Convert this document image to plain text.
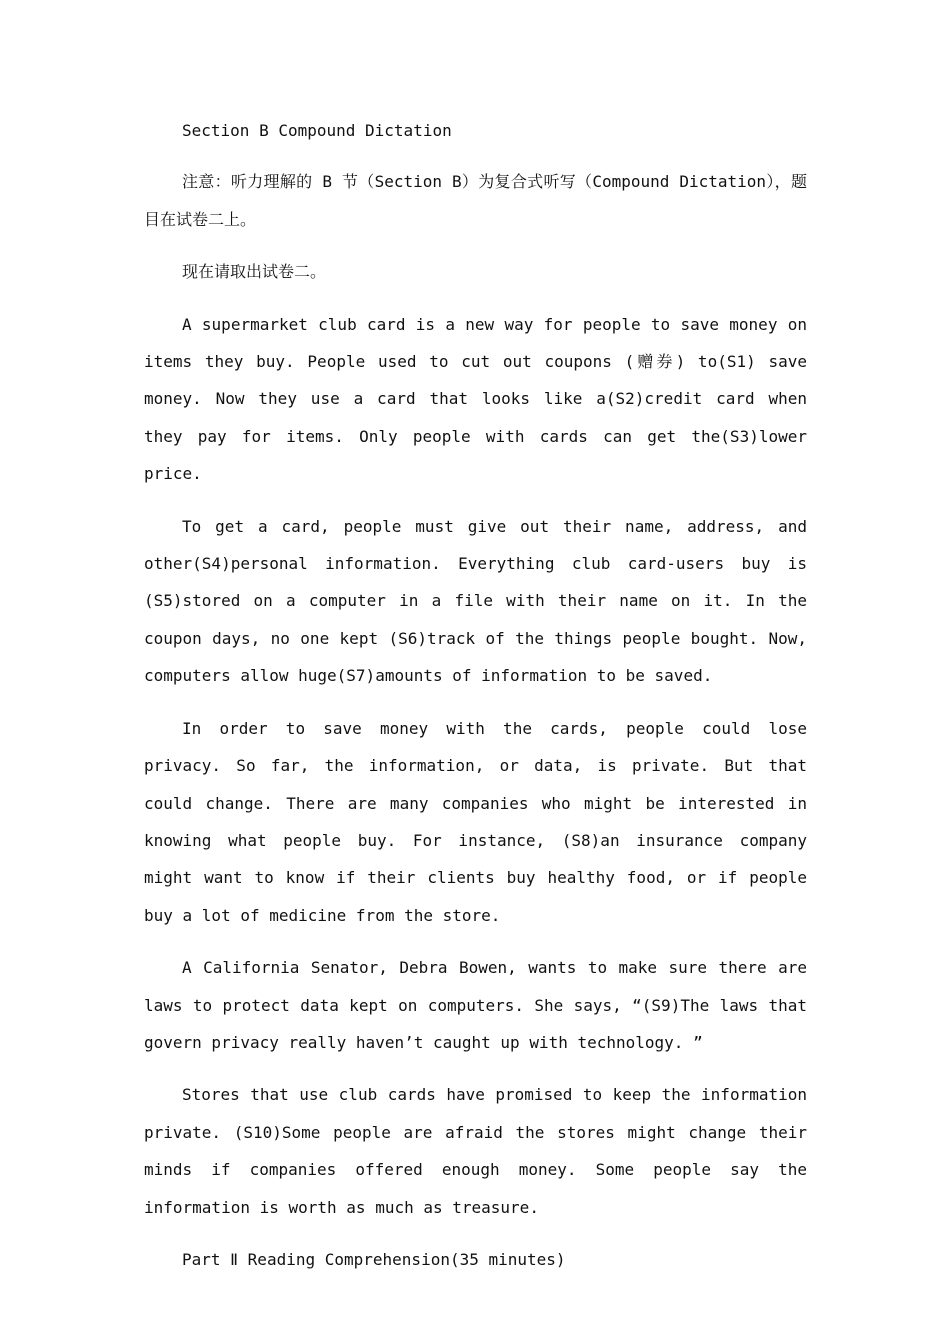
Section B Compound Dictation

注意：听力理解的 B 节（Section B）为复合式听写（Compound Dictation），题目在试卷二上。

现在请取出试卷二。

A supermarket club card is a new way for people to save money on items they buy. People used to cut out coupons (赠券) to(S1) save money. Now they use a card that looks like a(S2)credit card when they pay for items. Only people with cards can get the(S3)lower price.

To get a card, people must give out their name, address, and other(S4)personal information. Everything club card-users buy is (S5)stored on a computer in a file with their name on it. In the coupon days, no one kept (S6)track of the things people bought. Now, computers allow huge(S7)amounts of information to be saved.

In order to save money with the cards, people could lose privacy. So far, the information, or data, is private. But that could change. There are many companies who might be interested in knowing what people buy. For instance, (S8)an insurance company might want to know if their clients buy healthy food, or if people buy a lot of medicine from the store.

A California Senator, Debra Bowen, wants to make sure there are laws to protect data kept on computers. She says, “(S9)The laws that govern privacy really haven’t caught up with technology. ”

Stores that use club cards have promised to keep the information private. (S10)Some people are afraid the stores might change their minds if companies offered enough money. Some people say the information is worth as much as treasure.

Part Ⅱ Reading Comprehension(35 minutes)
